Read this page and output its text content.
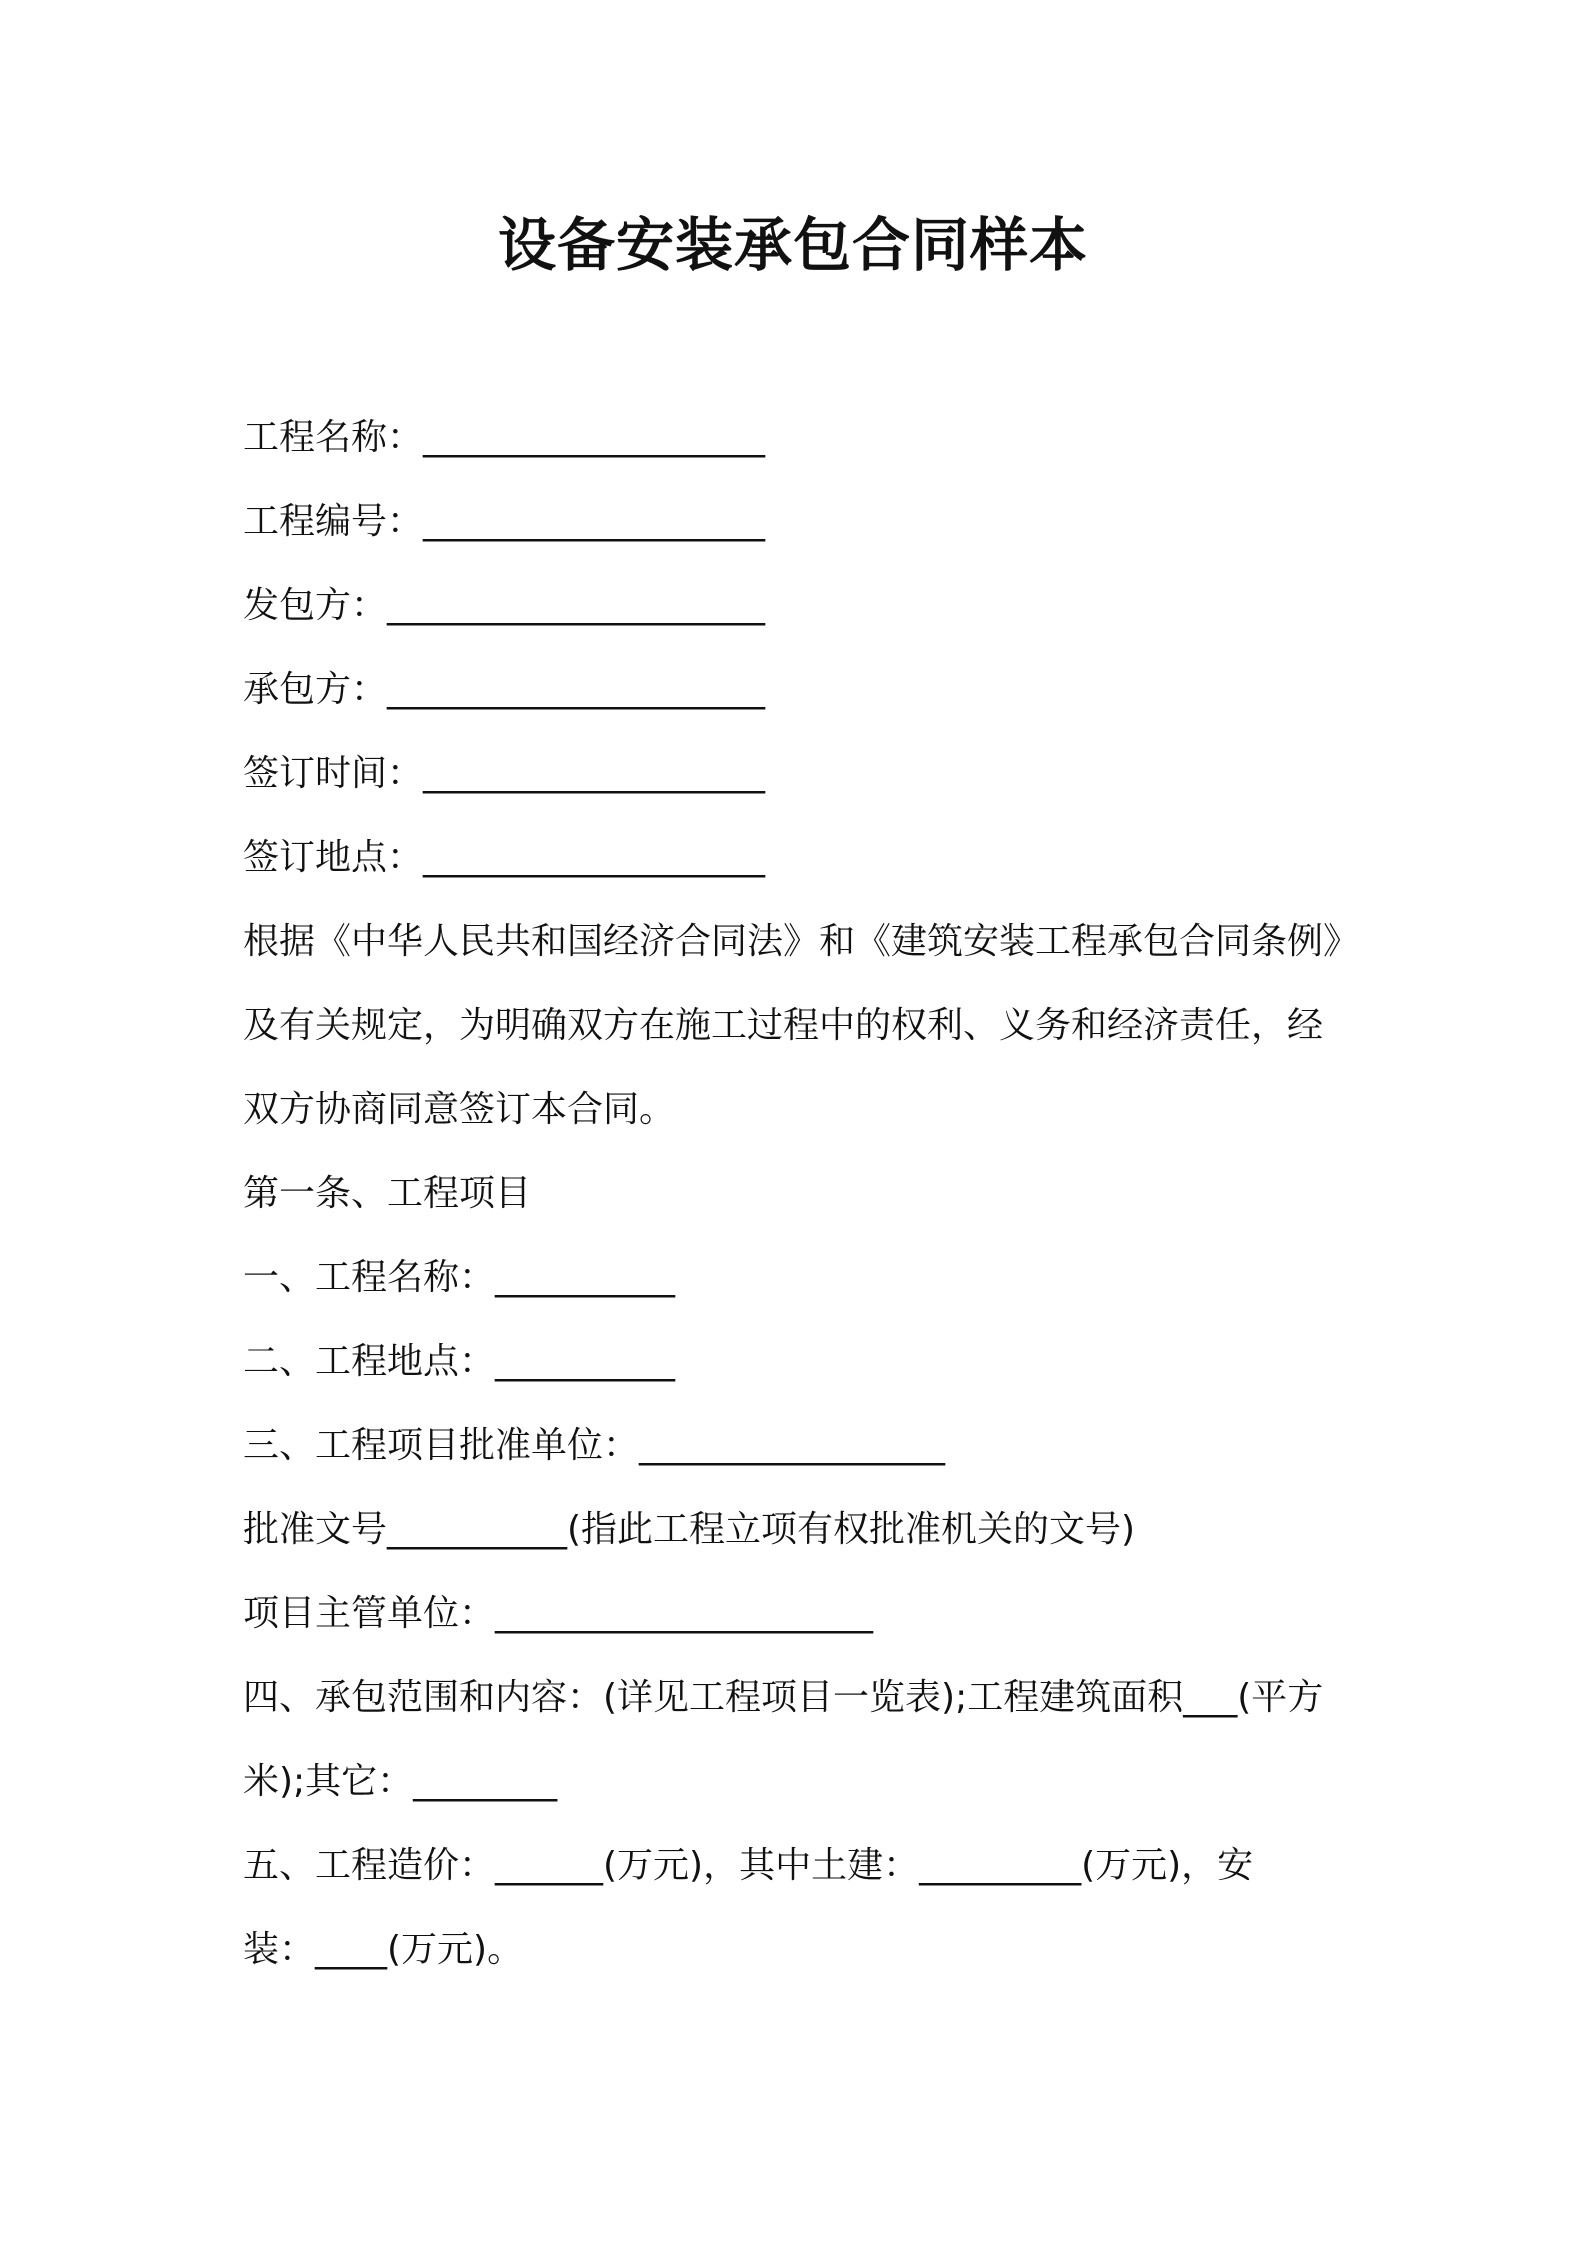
设备安装承包合同样本
工程名称：___________________
工程编号：___________________
发包方：_____________________
承包方：_____________________
签订时间：___________________
签订地点：___________________
根据《中华人民共和国经济合同法》和《建筑安装工程承包合同条例》
及有关规定，为明确双方在施工过程中的权利、义务和经济责任，经
双方协商同意签订本合同。
第一条、工程项目
一、工程名称：__________
二、工程地点：__________
三、工程项目批准单位：_________________
批准文号__________(指此工程立项有权批准机关的文号)
项目主管单位：_____________________
四、承包范围和内容：(详见工程项目一览表);工程建筑面积___(平方
米);其它：________
五、工程造价：______(万元)，其中土建：_________(万元)，安
装：____(万元)。
